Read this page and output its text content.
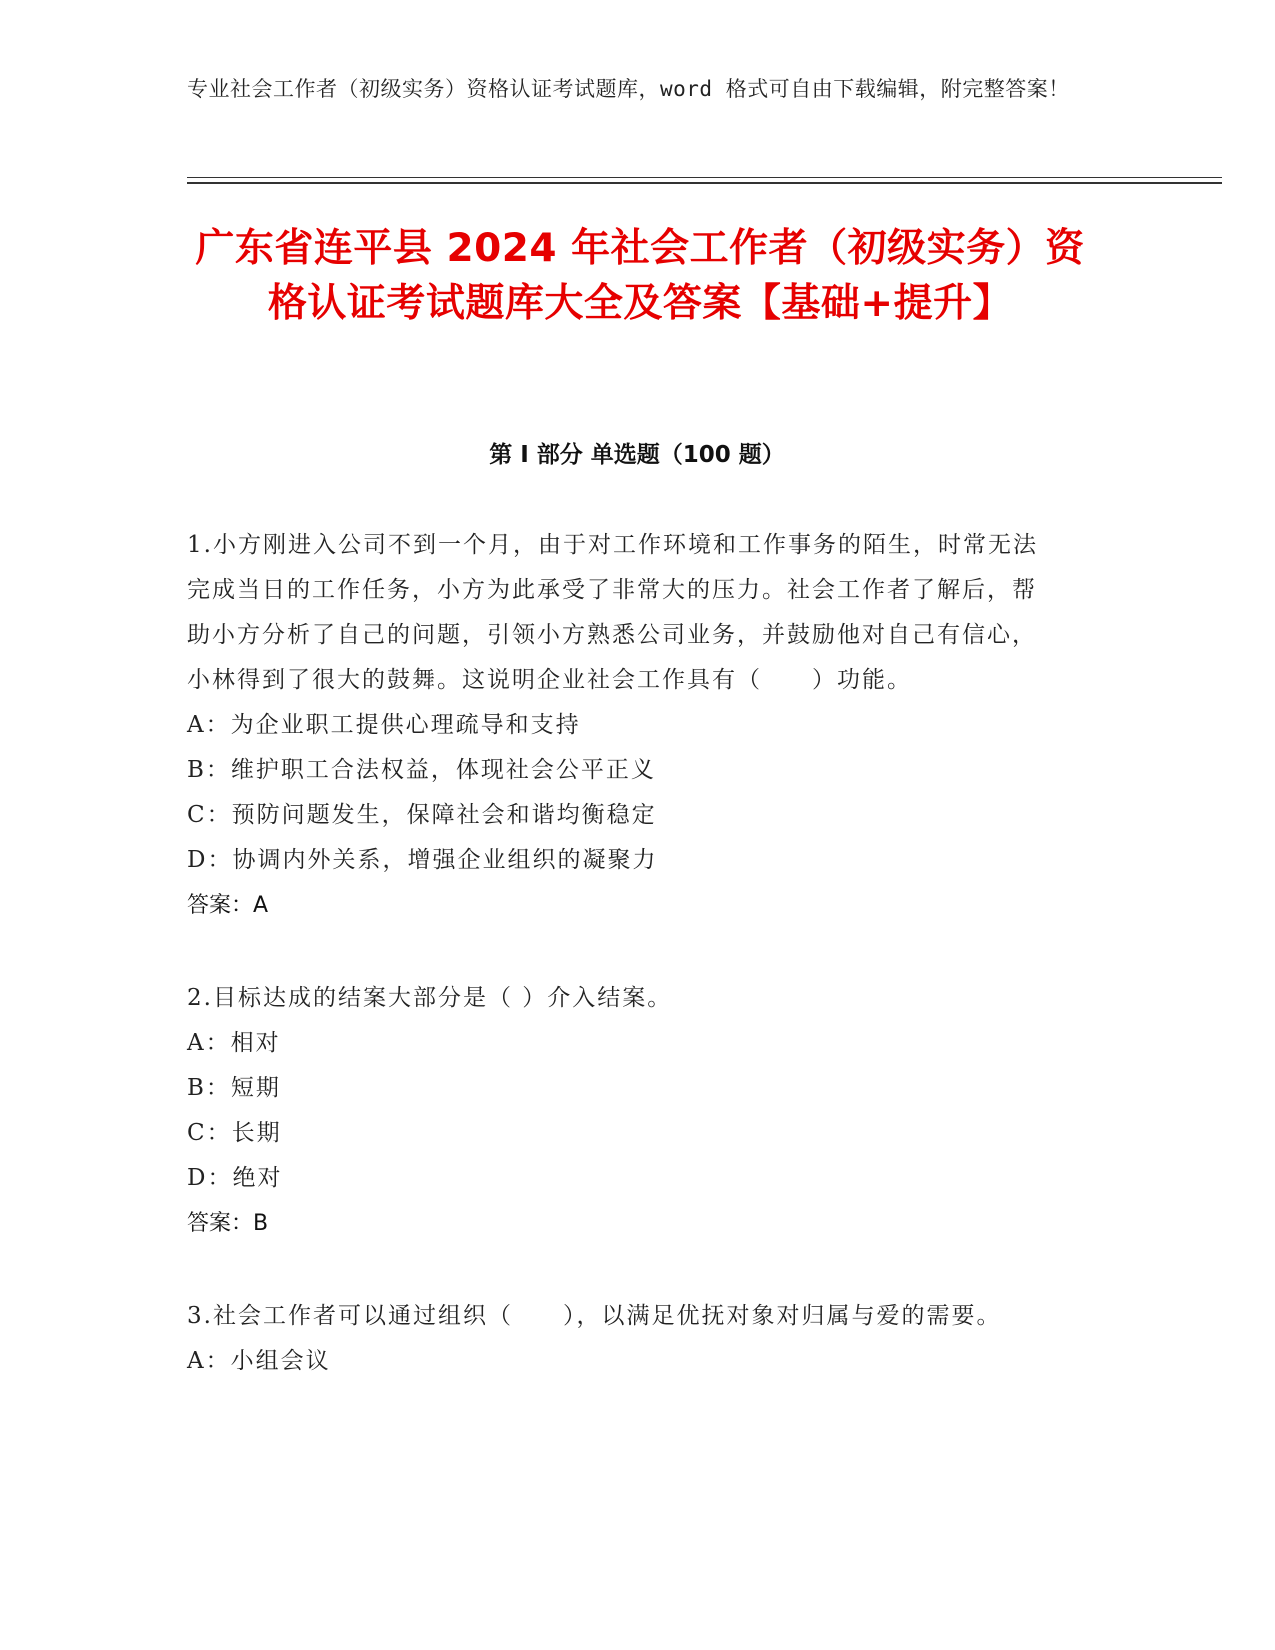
专业社会工作者（初级实务）资格认证考试题库，word 格式可自由下载编辑，附完整答案！
广东省连平县 2024 年社会工作者（初级实务）资格认证考试题库大全及答案【基础+提升】
第 I 部分 单选题（100 题）
1.小方刚进入公司不到一个月，由于对工作环境和工作事务的陌生，时常无法完成当日的工作任务，小方为此承受了非常大的压力。社会工作者了解后，帮助小方分析了自己的问题，引领小方熟悉公司业务，并鼓励他对自己有信心，小林得到了很大的鼓舞。这说明企业社会工作具有（　　）功能。
A：为企业职工提供心理疏导和支持
B：维护职工合法权益，体现社会公平正义
C：预防问题发生，保障社会和谐均衡稳定
D：协调内外关系，增强企业组织的凝聚力
答案：A
2.目标达成的结案大部分是（ ）介入结案。
A：相对
B：短期
C：长期
D：绝对
答案：B
3.社会工作者可以通过组织（　　），以满足优抚对象对归属与爱的需要。
A：小组会议
